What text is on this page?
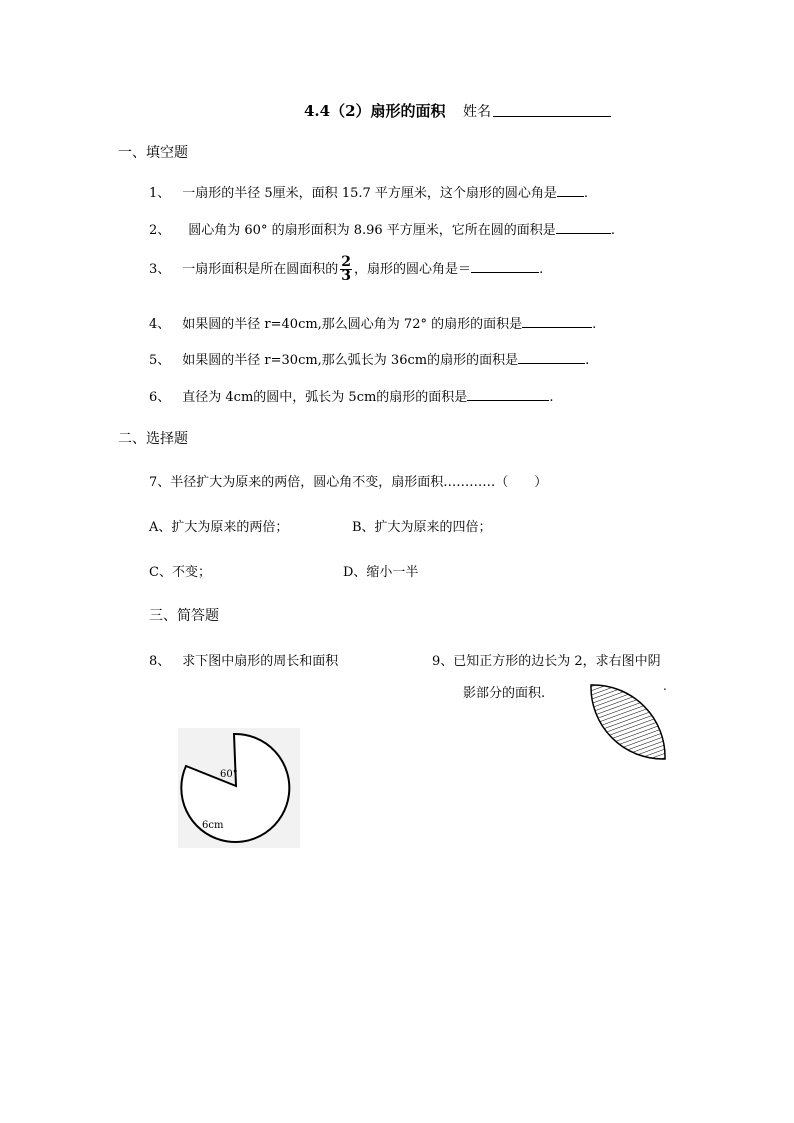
4.4（2）扇形的面积 姓名
一、填空题
1、 一扇形的半径 5厘米，面积 15.7 平方厘米，这个扇形的圆心角是 .
2、 圆心角为 60° 的扇形面积为 8.96 平方厘米，它所在圆的面积是	.
3、 一扇形面积是所在圆面积的 $\frac{2}{3}$ ，扇形的圆心角是＝	.
4、 如果圆的半径 r=40cm,那么圆心角为 72° 的扇形的面积是	.
5、 如果圆的半径 r=30cm,那么弧长为 36cm的扇形的面积是	.
6、 直径为 4cm的圆中，弧长为 5cm的扇形的面积是	.
二、选择题
7、半径扩大为原来的两倍，圆心角不变，扇形面积…………（　　）
A、扩大为原来的两倍；	B、扩大为原来的四倍；
C、不变；	D、缩小一半
三、简答题
8、 求下图中扇形的周长和面积	9、已知正方形的边长为 2，求右图中阴
影部分的面积.
60°
6cm
.
